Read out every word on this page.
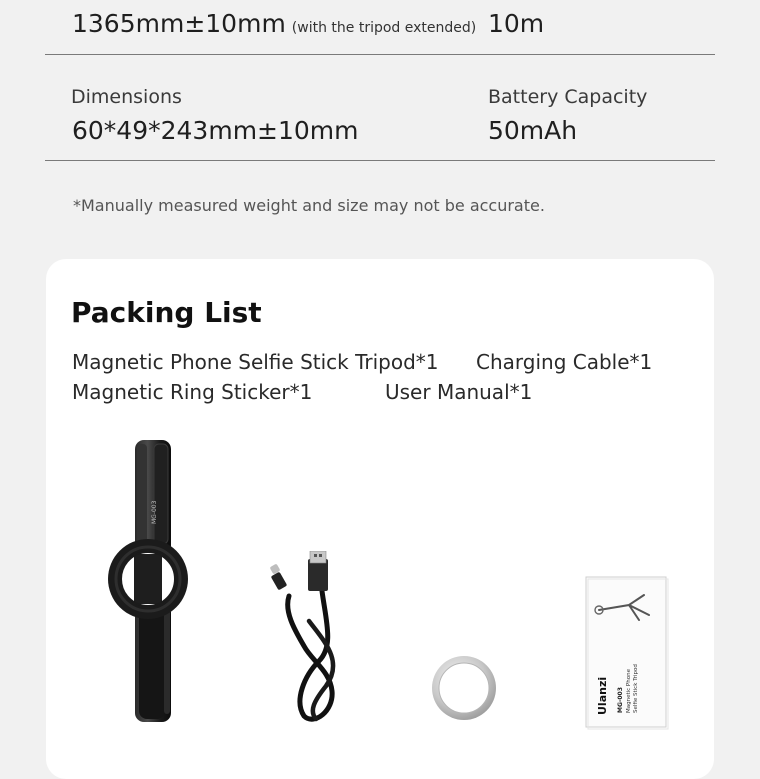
1365mm±10mm (with the tripod extended) 10m
Dimensions
60*49*243mm±10mm
Battery Capacity
50mAh
*Manually measured weight and size may not be accurate.
Packing List
Magnetic Phone Selfie Stick Tripod*1 Charging Cable*1
Magnetic Ring Sticker*1	User Manual*1
MG-003
Ulanzi MG-003 Magnetic Phone Selfie Stick Tripod
